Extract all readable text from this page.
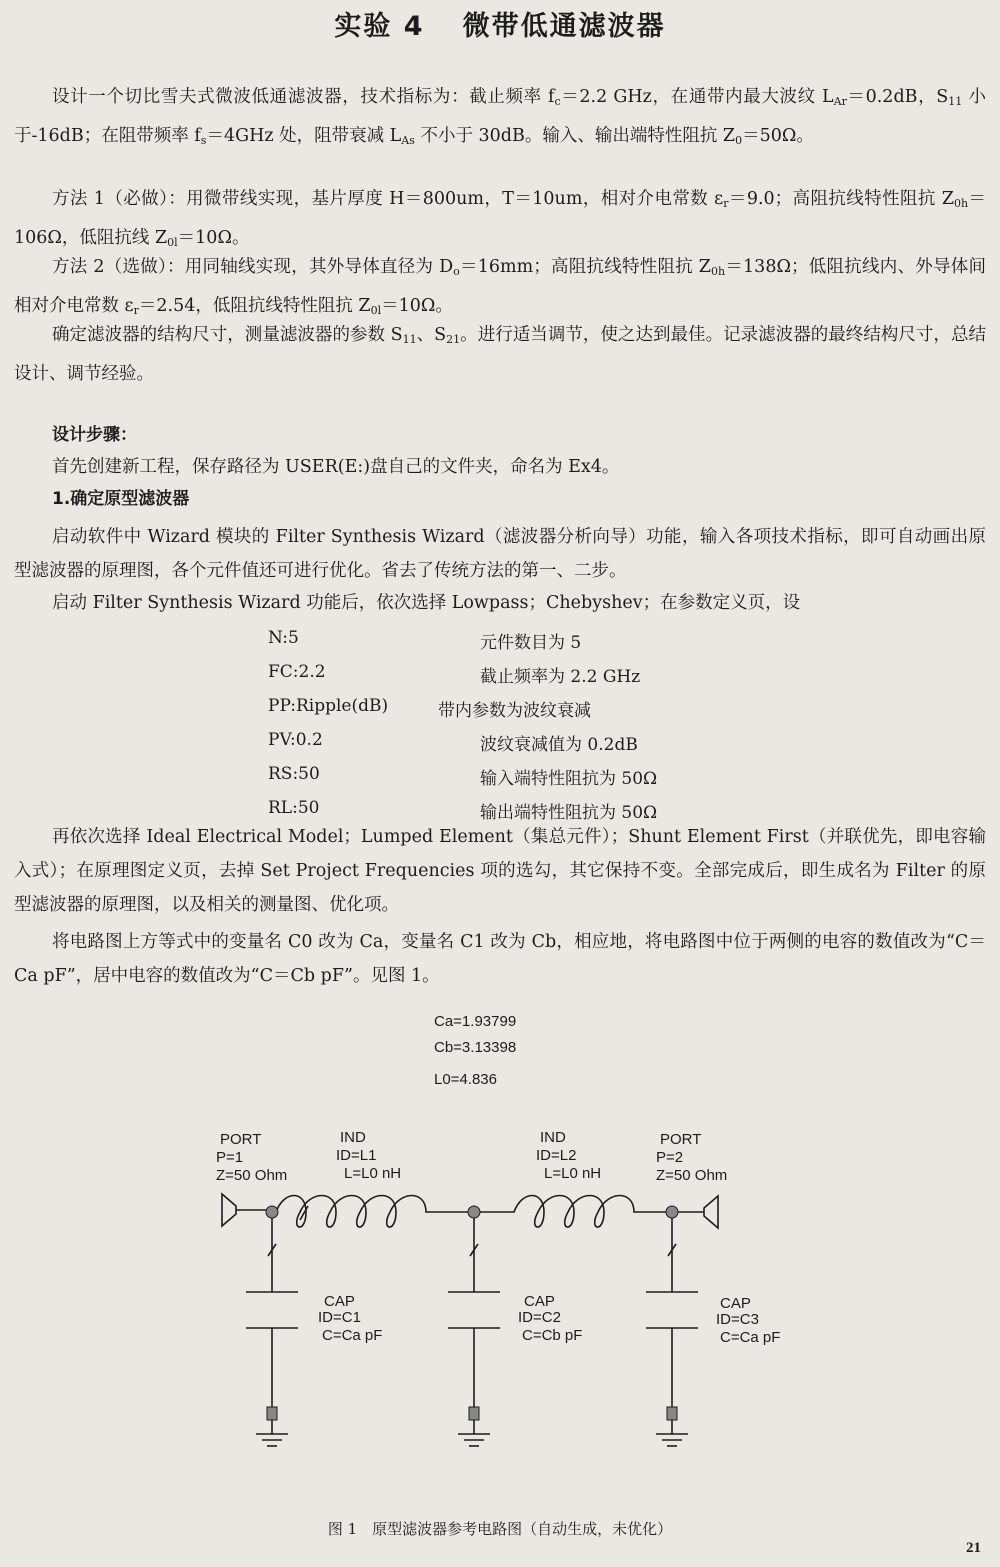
实验 4 微带低通滤波器
设计一个切比雪夫式微波低通滤波器，技术指标为：截止频率 $f_c=2.2$ GHz，在通带内最大波纹 $L_{Ar}=0.2dB$，$S_{11}$ 小于-16dB；在阻带频率 $f_s=4GHz$ 处，阻带衰减 $L_{As}$ 不小于 30dB。输入、输出端特性阻抗 $Z_0=50\Omega$。
方法 1（必做）：用微带线实现，基片厚度 H＝800um，T＝10um，相对介电常数 $\varepsilon_r=9.0$；高阻抗线特性阻抗 $Z_{0h}=106\Omega$，低阻抗线 $Z_{0l}=10\Omega$。
方法 2（选做）：用同轴线实现，其外导体直径为 $D_o=16mm$；高阻抗线特性阻抗 $Z_{0h}=138\Omega$；低阻抗线内、外导体间相对介电常数 $\varepsilon_r=2.54$，低阻抗线特性阻抗 $Z_{0l}=10\Omega$。
确定滤波器的结构尺寸，测量滤波器的参数 $S_{11}$、$S_{21}$。进行适当调节，使之达到最佳。记录滤波器的最终结构尺寸，总结设计、调节经验。
设计步骤：
首先创建新工程，保存路径为 USER(E:)盘自己的文件夹，命名为 Ex4。
1.确定原型滤波器
启动软件中 Wizard 模块的 Filter Synthesis Wizard（滤波器分析向导）功能，输入各项技术指标，即可自动画出原型滤波器的原理图，各个元件值还可进行优化。省去了传统方法的第一、二步。
启动 Filter Synthesis Wizard 功能后，依次选择 Lowpass；Chebyshev；在参数定义页，设
N:5	元件数目为 5
FC:2.2	截止频率为 2.2 GHz
PP:Ripple(dB)	带内参数为波纹衰减
PV:0.2	波纹衰减值为 0.2dB
RS:50	输入端特性阻抗为 50Ω
RL:50	输出端特性阻抗为 50Ω
再依次选择 Ideal Electrical Model；Lumped Element（集总元件）；Shunt Element First（并联优先，即电容输入式）；在原理图定义页，去掉 Set Project Frequencies 项的选勾，其它保持不变。全部完成后，即生成名为 Filter 的原型滤波器的原理图，以及相关的测量图、优化项。
将电路图上方等式中的变量名 C0 改为 Ca，变量名 C1 改为 Cb，相应地，将电路图中位于两侧的电容的数值改为“C＝Ca pF”，居中电容的数值改为“C＝Cb pF”。见图 1。
Ca=1.93799
Cb=3.13398
L0=4.836
PORT
P=1
Z=50 Ohm
PORT
P=2
Z=50 Ohm
IND
ID=L1
L=L0 nH
IND
ID=L2
L=L0 nH
CAP
ID=C1
C=Ca pF
CAP
ID=C2
C=Cb pF
CAP
ID=C3
C=Ca pF
图 1　原型滤波器参考电路图（自动生成，未优化）
21
